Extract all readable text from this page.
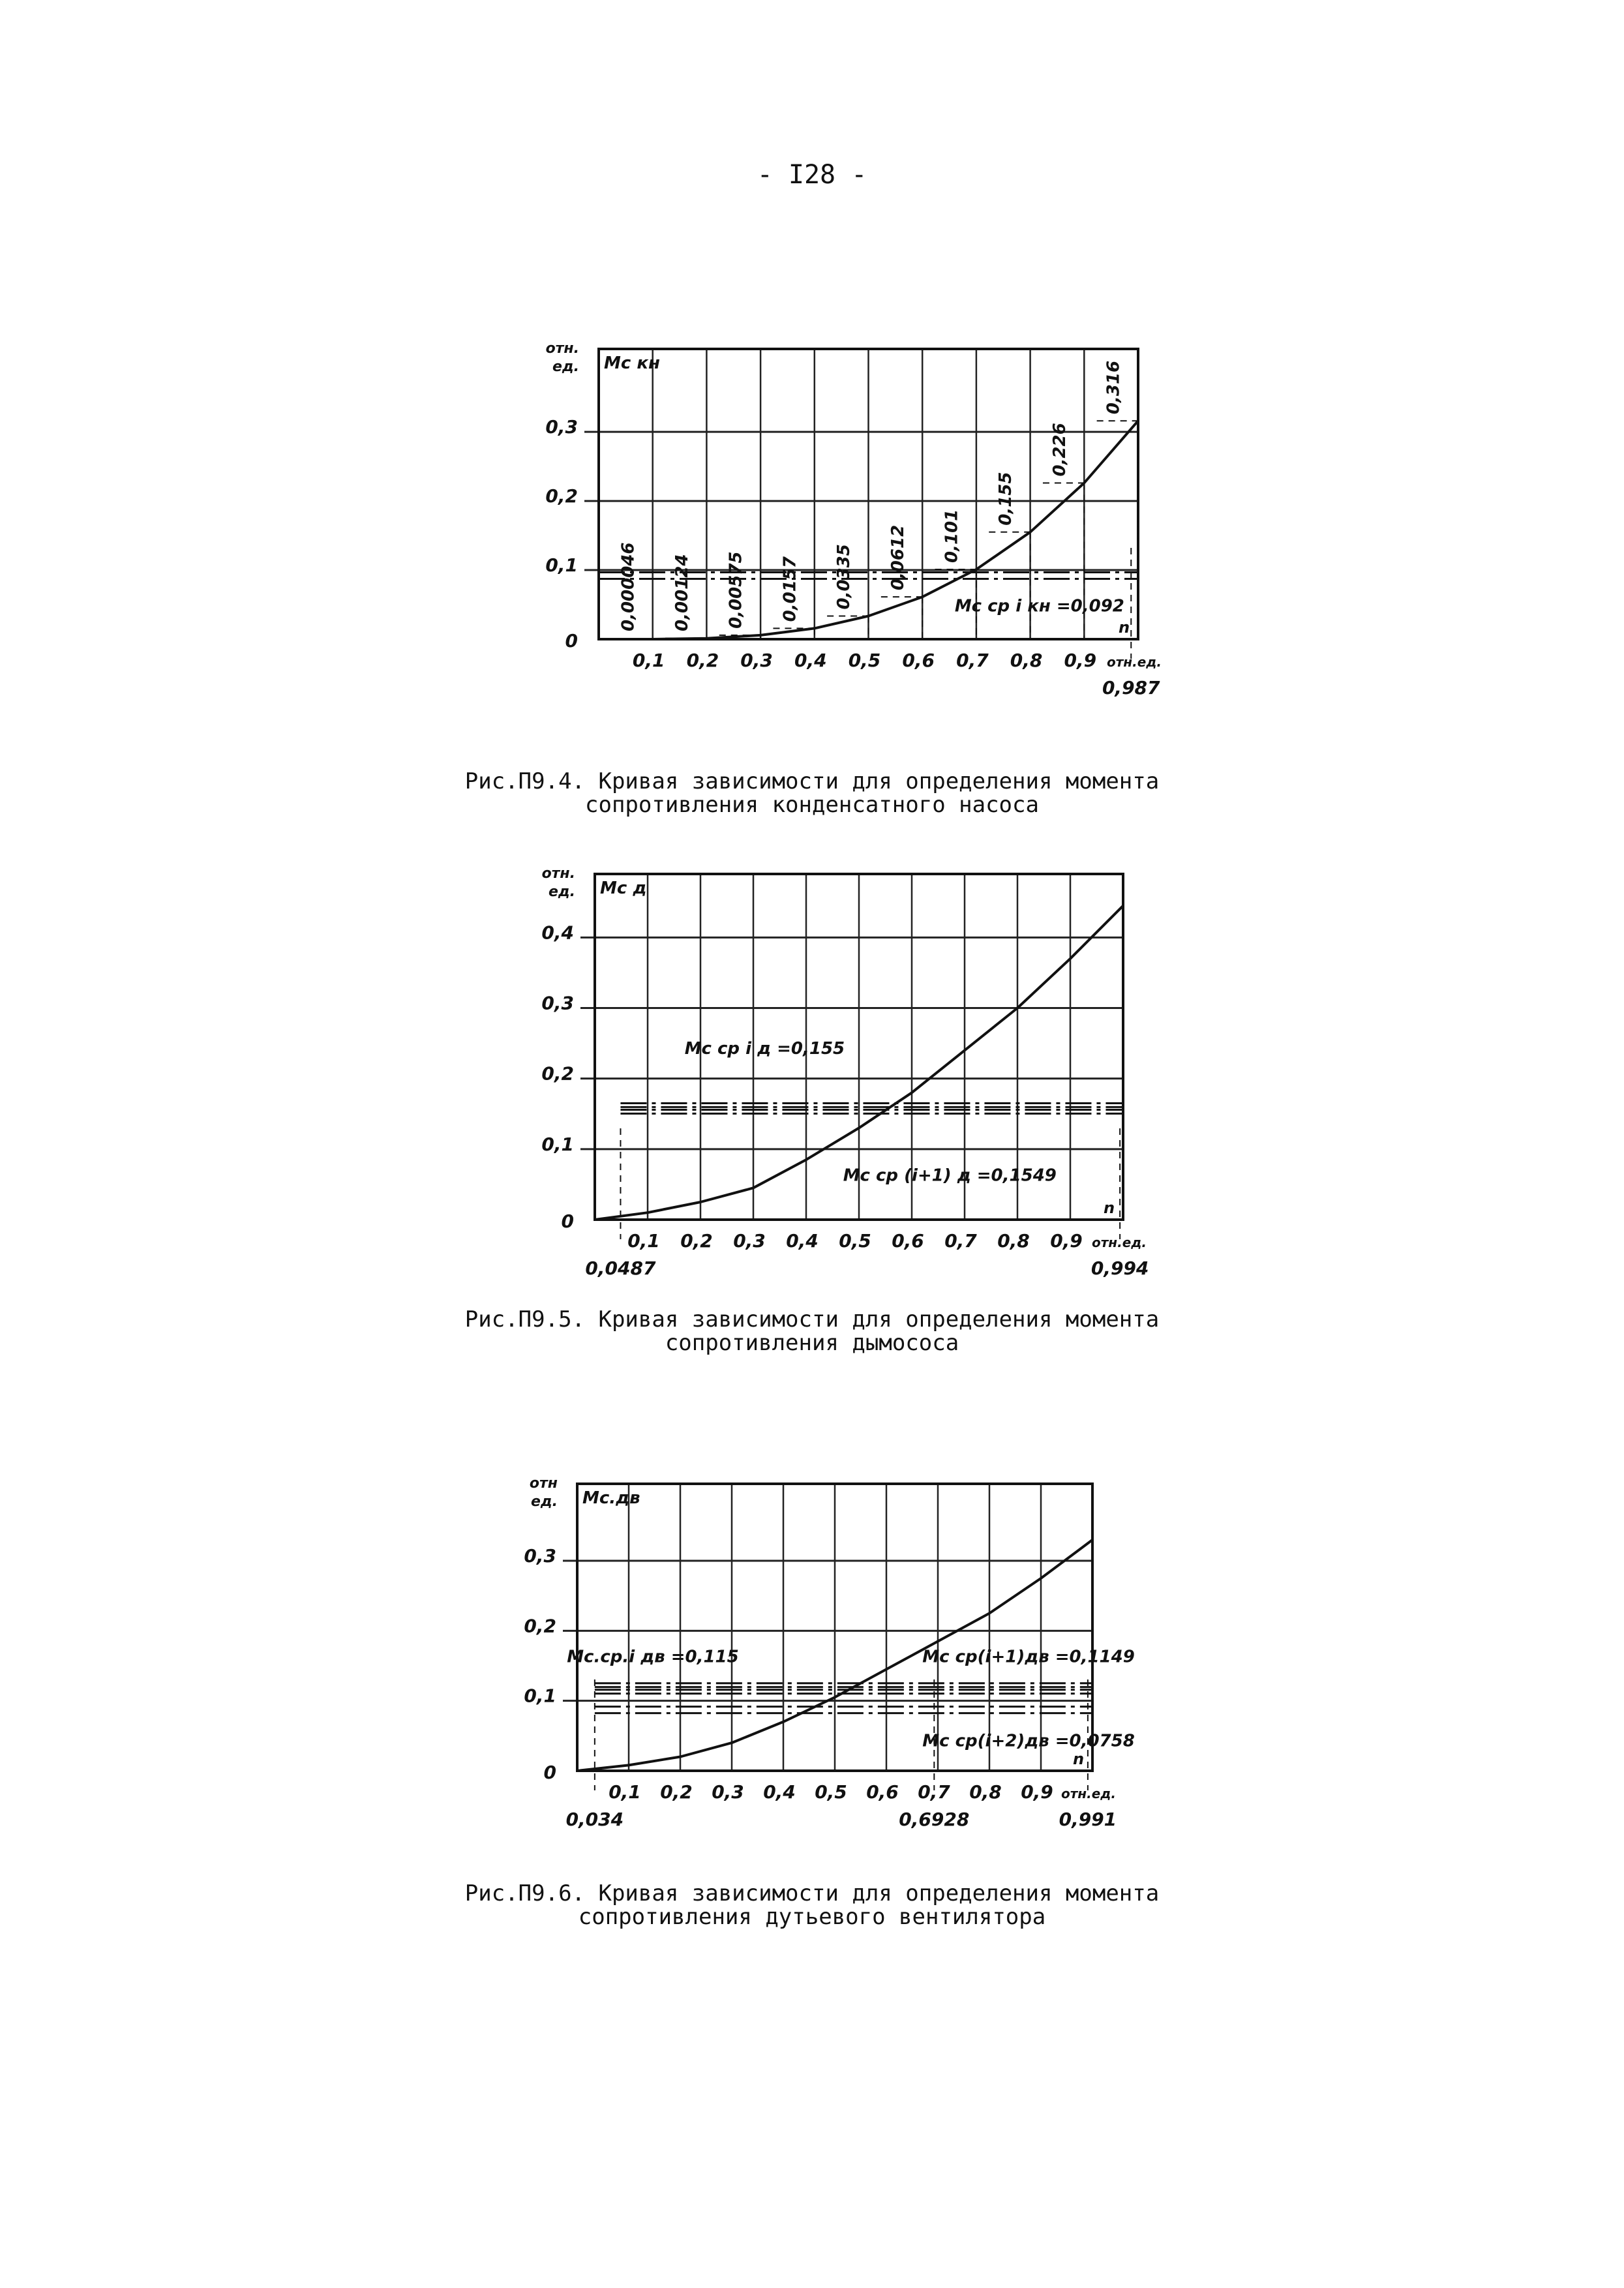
- I28 -
0,1
0,2
0,3
0
отн.
ед. Мс кн
0,1 0,2 0,3 0,4 0,5 0,6 0,7 0,8 0,9 отн.ед.
n
0,987
Мс ср i кн =0,092
0,000046 0,00124 0,00575 0,0157 0,0335 0,0612 0,101
0,155
0,226
0,316
Рис.П9.4. Кривая зависимости для определения момента
сопротивления конденсатного насоса
0,1
0,2
0,3
0,4
0
отн.
ед. Мс д
0,1 0,2 0,3 0,4 0,5 0,6 0,7 0,8 0,9 отн.ед.
n
0,0487	0,994
Мс ср i д =0,155
Мс ср (i+1) д =0,1549
Рис.П9.5. Кривая зависимости для определения момента
сопротивления дымососа
0,1
0,2
0,3
0
отн
ед. Мс.дв
0,1 0,2 0,3 0,4 0,5 0,6 0,7 0,8 0,9 отн.ед.
n
0,034	0,6928	0,991
Мс.ср.i дв =0,115	Мс ср(i+1)дв =0,1149
Мс ср(i+2)дв =0,0758
Рис.П9.6. Кривая зависимости для определения момента
сопротивления дутьевого вентилятора
